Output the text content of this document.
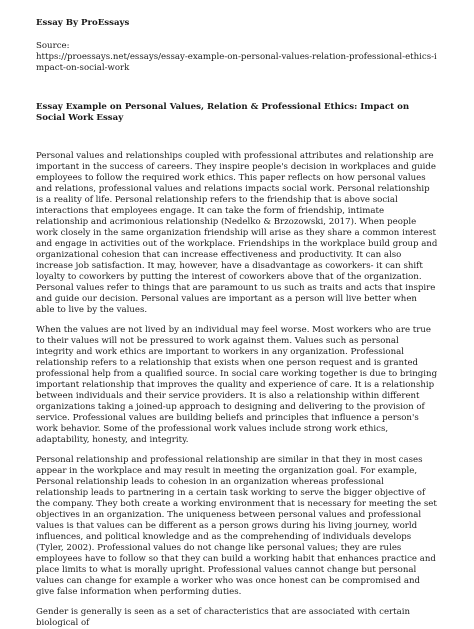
Essay By ProEssays

Source:

https://proessays.net/essays/essay-example-on-personal-values-relation-professional-ethics-impact-on-social-work

Essay Example on Personal Values, Relation & Professional Ethics: Impact on Social Work Essay

Personal values and relationships coupled with professional attributes and relationship are important in the success of careers. They inspire people's decision in workplaces and guide employees to follow the required work ethics. This paper reflects on how personal values and relations, professional values and relations impacts social work. Personal relationship is a reality of life. Personal relationship refers to the friendship that is above social interactions that employees engage. It can take the form of friendship, intimate relationship and acrimonious relationship (Nedelko & Brzozowski, 2017). When people work closely in the same organization friendship will arise as they share a common interest and engage in activities out of the workplace. Friendships in the workplace build group and organizational cohesion that can increase effectiveness and productivity. It can also increase job satisfaction. It may, however, have a disadvantage as coworkers- it can shift loyalty to coworkers by putting the interest of coworkers above that of the organization. Personal values refer to things that are paramount to us such as traits and acts that inspire and guide our decision. Personal values are important as a person will live better when able to live by the values.

When the values are not lived by an individual may feel worse. Most workers who are true to their values will not be pressured to work against them. Values such as personal integrity and work ethics are important to workers in any organization. Professional relationship refers to a relationship that exists when one person request and is granted professional help from a qualified source. In social care working together is due to bringing important relationship that improves the quality and experience of care. It is a relationship between individuals and their service providers. It is also a relationship within different organizations taking a joined-up approach to designing and delivering to the provision of service. Professional values are building beliefs and principles that influence a person's work behavior. Some of the professional work values include strong work ethics, adaptability, honesty, and integrity.

Personal relationship and professional relationship are similar in that they in most cases appear in the workplace and may result in meeting the organization goal. For example, Personal relationship leads to cohesion in an organization whereas professional relationship leads to partnering in a certain task working to serve the bigger objective of the company. They both create a working environment that is necessary for meeting the set objectives in an organization. The uniqueness between personal values and professional values is that values can be different as a person grows during his living journey, world influences, and political knowledge and as the comprehending of individuals develops (Tyler, 2002). Professional values do not change like personal values; they are rules employees have to follow so that they can build a working habit that enhances practice and place limits to what is morally upright. Professional values cannot change but personal values can change for example a worker who was once honest can be compromised and give false information when performing duties.

Gender is generally is seen as a set of characteristics that are associated with certain biological of
